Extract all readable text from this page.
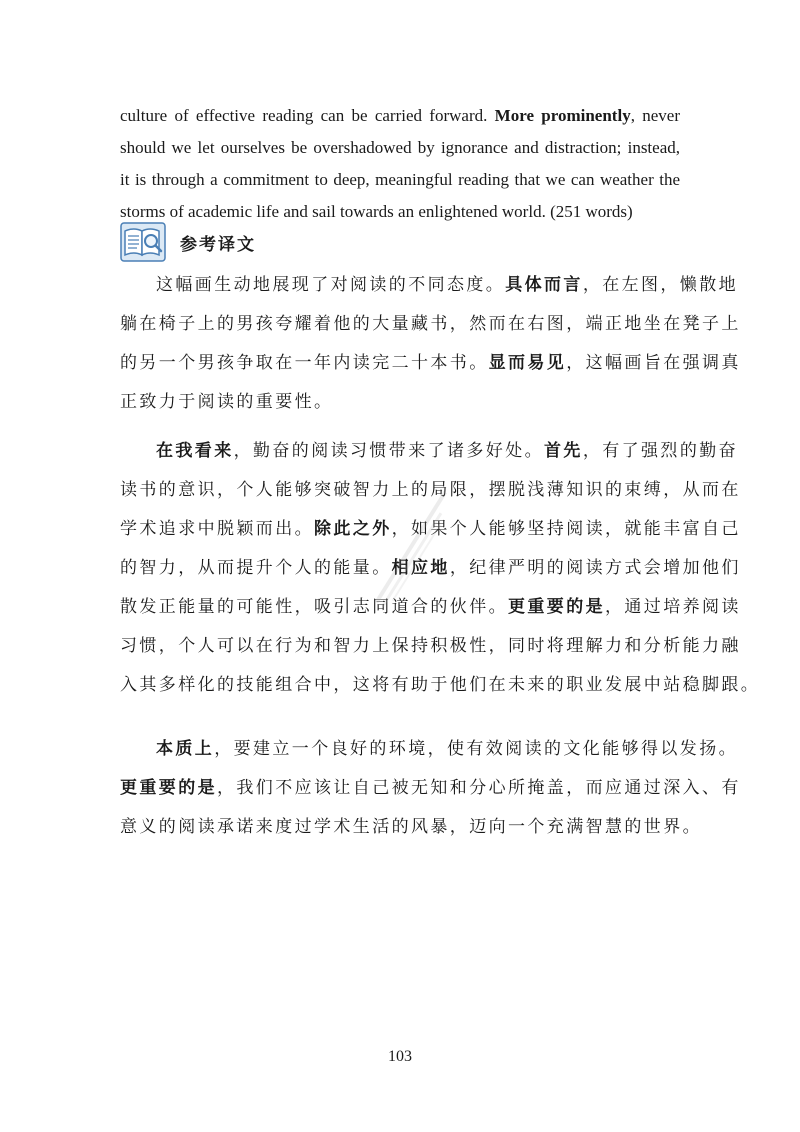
culture of effective reading can be carried forward. More prominently, never
should we let ourselves be overshadowed by ignorance and distraction; instead,
it is through a commitment to deep, meaningful reading that we can weather the
storms of academic life and sail towards an enlightened world. (251 words)

参考译文

这幅画生动地展现了对阅读的不同态度。具体而言，在左图，懒散地
躺在椅子上的男孩夸耀着他的大量藏书，然而在右图，端正地坐在凳子上
的另一个男孩争取在一年内读完二十本书。显而易见，这幅画旨在强调真
正致力于阅读的重要性。

在我看来，勤奋的阅读习惯带来了诸多好处。首先，有了强烈的勤奋
读书的意识，个人能够突破智力上的局限，摆脱浅薄知识的束缚，从而在
学术追求中脱颖而出。除此之外，如果个人能够坚持阅读，就能丰富自己
的智力，从而提升个人的能量。相应地，纪律严明的阅读方式会增加他们
散发正能量的可能性，吸引志同道合的伙伴。更重要的是，通过培养阅读
习惯，个人可以在行为和智力上保持积极性，同时将理解力和分析能力融
入其多样化的技能组合中，这将有助于他们在未来的职业发展中站稳脚跟。

本质上，要建立一个良好的环境，使有效阅读的文化能够得以发扬。
更重要的是，我们不应该让自己被无知和分心所掩盖，而应通过深入、有
意义的阅读承诺来度过学术生活的风暴，迈向一个充满智慧的世界。

103
